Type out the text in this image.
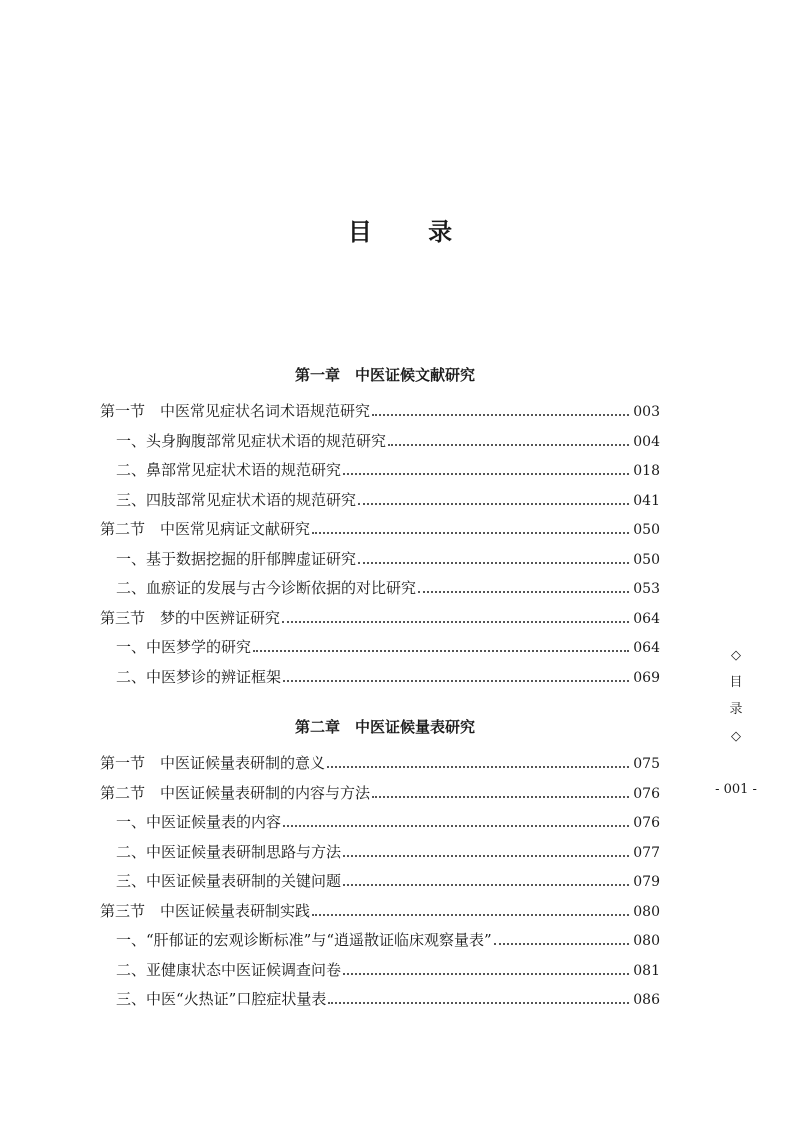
目 录
第一章　中医证候文献研究
第一节　中医常见症状名词术语规范研究	003
一、头身胸腹部常见症状术语的规范研究	004
二、鼻部常见症状术语的规范研究	018
三、四肢部常见症状术语的规范研究	041
第二节　中医常见病证文献研究	050
一、基于数据挖掘的肝郁脾虚证研究	050
二、血瘀证的发展与古今诊断依据的对比研究	053
第三节　梦的中医辨证研究	064
一、中医梦学的研究	064
二、中医梦诊的辨证框架	069
第二章　中医证候量表研究
第一节　中医证候量表研制的意义	075
第二节　中医证候量表研制的内容与方法	076
一、中医证候量表的内容	076
二、中医证候量表研制思路与方法	077
三、中医证候量表研制的关键问题	079
第三节　中医证候量表研制实践	080
一、“肝郁证的宏观诊断标准”与“逍遥散证临床观察量表”	080
二、亚健康状态中医证候调查问卷	081
三、中医“火热证”口腔症状量表	086
◇
目
录
◇
- 001 -
